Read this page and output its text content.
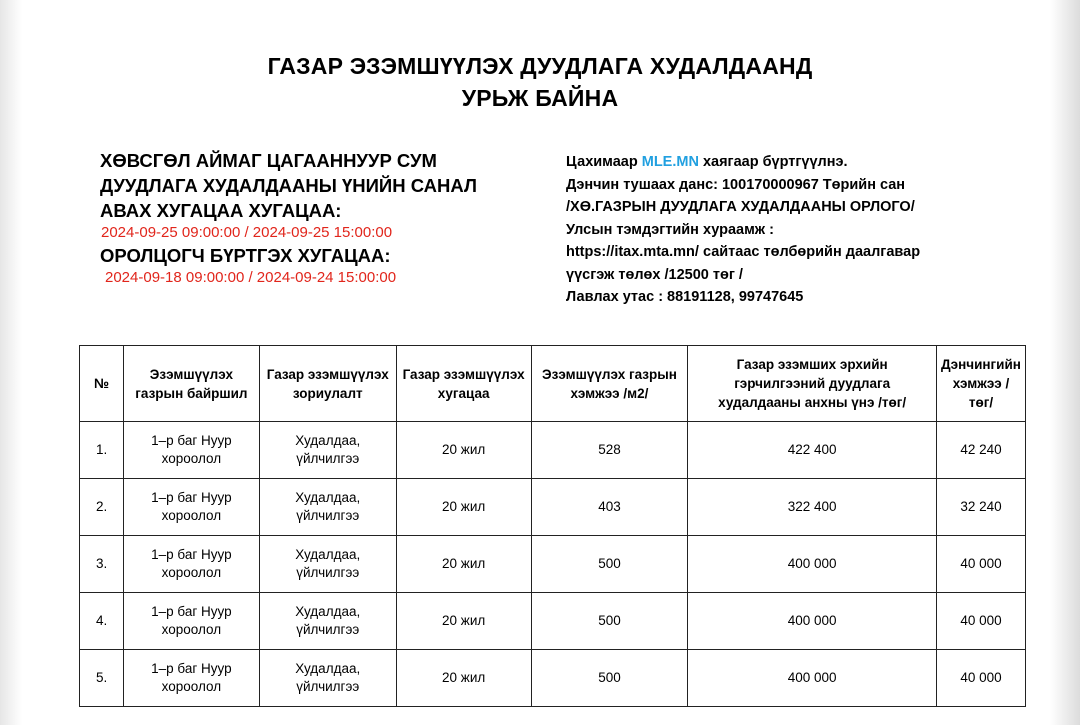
ГАЗАР ЭЗЭМШҮҮЛЭХ ДУУДЛАГА ХУДАЛДААНД
УРЬЖ БАЙНА

ХӨВСГӨЛ АЙМАГ ЦАГААННУУР СУМ

ДУУДЛАГА ХУДАЛДААНЫ ҮНИЙН САНАЛ

АВАХ ХУГАЦАА ХУГАЦАА:

2024-09-25 09:00:00 / 2024-09-25 15:00:00

ОРОЛЦОГЧ БҮРТГЭХ ХУГАЦАА:

2024-09-18 09:00:00 / 2024-09-24 15:00:00

Цахимаар MLE.MN хаягаар бүртгүүлнэ.
Дэнчин тушаах данс: 100170000967 Төрийн сан
/ХӨ.ГАЗРЫН ДУУДЛАГА ХУДАЛДААНЫ ОРЛОГО/
Улсын тэмдэгтийн хураамж :
https://itax.mta.mn/ сайтаас төлбөрийн даалгавар
үүсгэж төлөх /12500 төг /
Лавлах утас : 88191128, 99747645
№	Эзэмшүүлэх газрын байршил	Газар эзэмшүүлэх зориулалт	Газар эзэмшүүлэх хугацаа	Эзэмшүүлэх газрын хэмжээ /м2/	Газар эзэмших эрхийн гэрчилгээний дуудлага худалдааны анхны үнэ /төг/	Дэнчингийн хэмжээ /төг/
1.	1–р баг Нуур хороолол	Худалдаа, үйлчилгээ	20 жил	528	422 400	42 240
2.	1–р баг Нуур хороолол	Худалдаа, үйлчилгээ	20 жил	403	322 400	32 240
3.	1–р баг Нуур хороолол	Худалдаа, үйлчилгээ	20 жил	500	400 000	40 000
4.	1–р баг Нуур хороолол	Худалдаа, үйлчилгээ	20 жил	500	400 000	40 000
5.	1–р баг Нуур хороолол	Худалдаа, үйлчилгээ	20 жил	500	400 000	40 000
